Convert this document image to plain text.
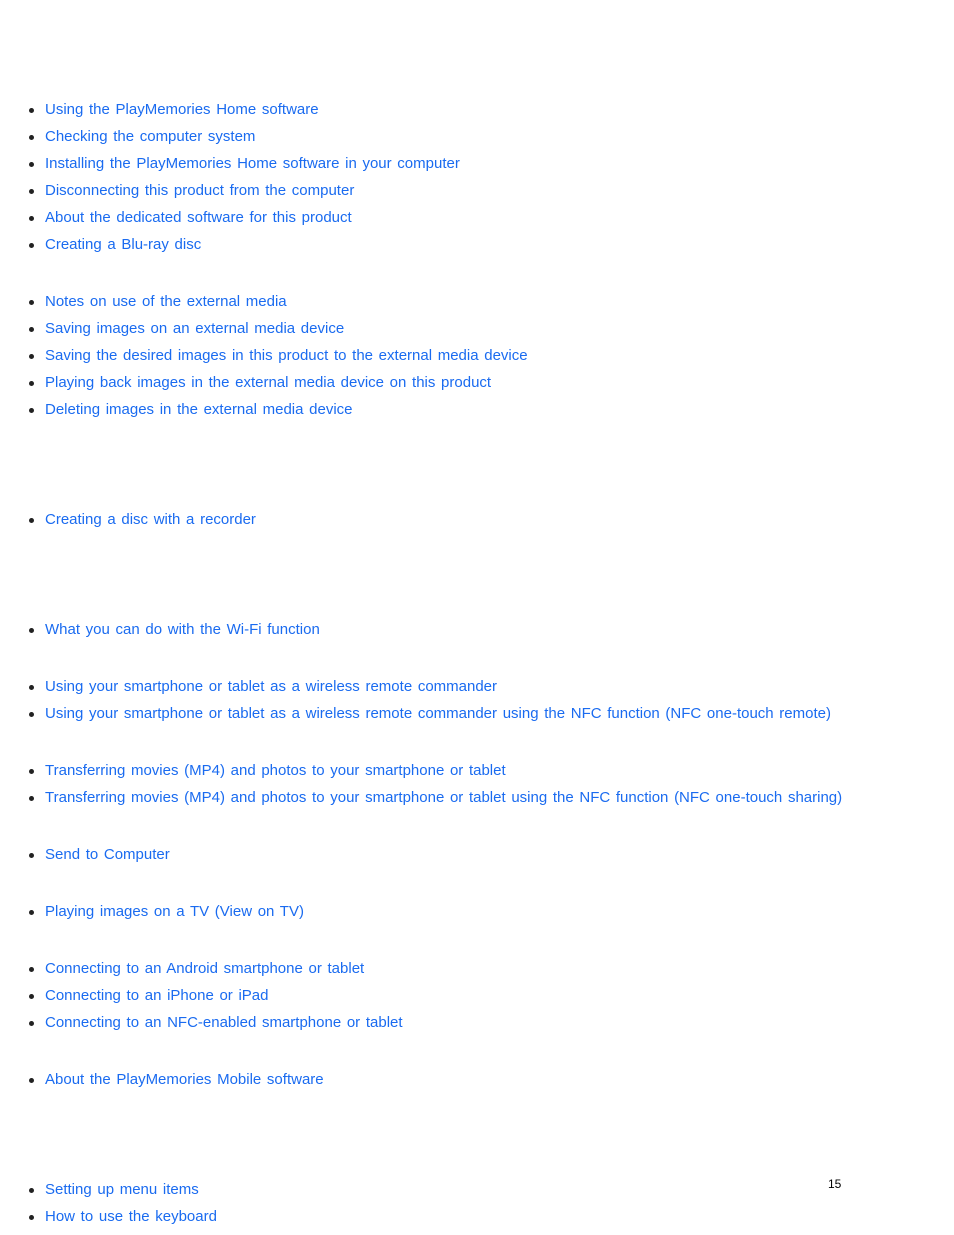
Using the PlayMemories Home software
Checking the computer system
Installing the PlayMemories Home software in your computer
Disconnecting this product from the computer
About the dedicated software for this product
Creating a Blu-ray disc
Notes on use of the external media
Saving images on an external media device
Saving the desired images in this product to the external media device
Playing back images in the external media device on this product
Deleting images in the external media device
Creating a disc with a recorder
What you can do with the Wi-Fi function
Using your smartphone or tablet as a wireless remote commander
Using your smartphone or tablet as a wireless remote commander using the NFC function (NFC one-touch remote)
Transferring movies (MP4) and photos to your smartphone or tablet
Transferring movies (MP4) and photos to your smartphone or tablet using the NFC function (NFC one-touch sharing)
Send to Computer
Playing images on a TV (View on TV)
Connecting to an Android smartphone or tablet
Connecting to an iPhone or iPad
Connecting to an NFC-enabled smartphone or tablet
About the PlayMemories Mobile software
Setting up menu items
How to use the keyboard
15
